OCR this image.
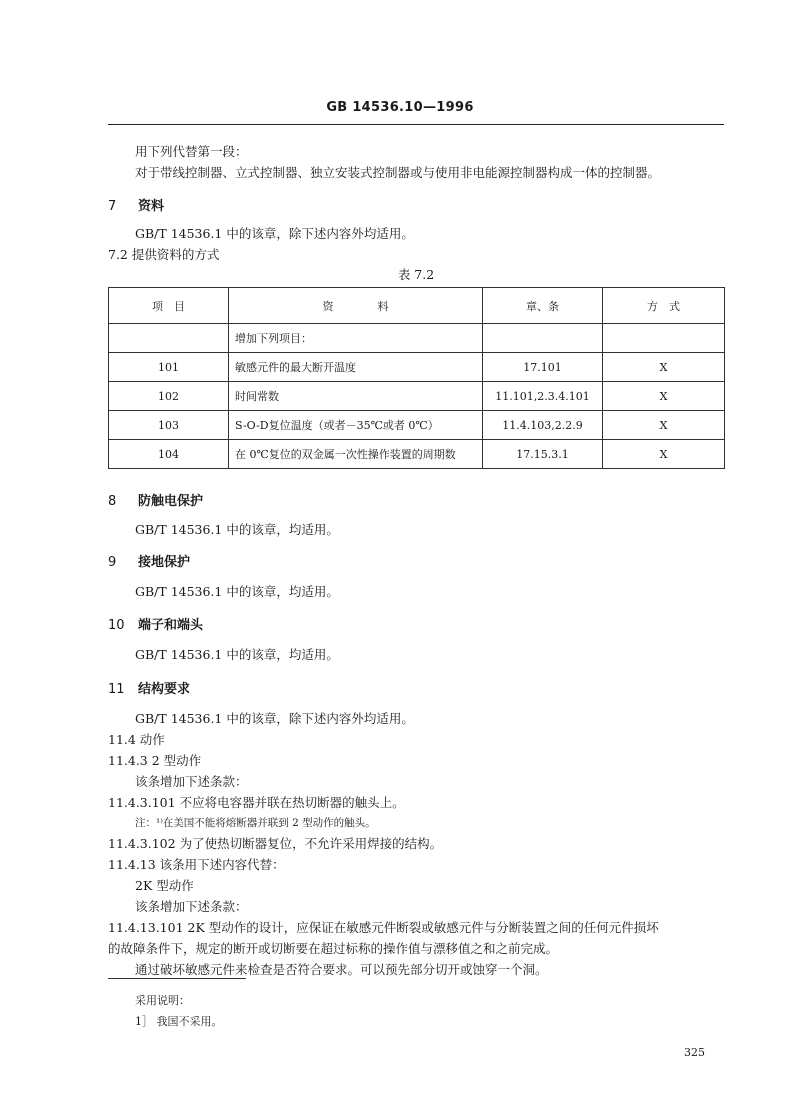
GB 14536.10—1996
用下列代替第一段：
对于带线控制器、立式控制器、独立安装式控制器或与使用非电能源控制器构成一体的控制器。
7 资料
GB/T 14536.1 中的该章，除下述内容外均适用。
7.2 提供资料的方式
表 7.2
项　目	资　　　　料	章、条	方　式
	增加下列项目：		
101	敏感元件的最大断开温度	17.101	X
102	时间常数	11.101,2.3.4.101	X
103	S-O-D复位温度（或者－35℃或者 0℃）	11.4.103,2.2.9	X
104	在 0℃复位的双金属一次性操作装置的周期数	17.15.3.1	X
8 防触电保护
GB/T 14536.1 中的该章，均适用。
9 接地保护
GB/T 14536.1 中的该章，均适用。
10 端子和端头
GB/T 14536.1 中的该章，均适用。
11 结构要求
GB/T 14536.1 中的该章，除下述内容外均适用。
11.4 动作
11.4.3 2 型动作
该条增加下述条款：
11.4.3.101 不应将电容器并联在热切断器的触头上。
注：¹⁾在美国不能将熔断器并联到 2 型动作的触头。
11.4.3.102 为了使热切断器复位，不允许采用焊接的结构。
11.4.13 该条用下述内容代替：
2K 型动作
该条增加下述条款：
11.4.13.101 2K 型动作的设计，应保证在敏感元件断裂或敏感元件与分断装置之间的任何元件损坏
的故障条件下，规定的断开或切断要在超过标称的操作值与漂移值之和之前完成。
通过破坏敏感元件来检查是否符合要求。可以预先部分切开或蚀穿一个洞。
采用说明：
1］ 我国不采用。
325
